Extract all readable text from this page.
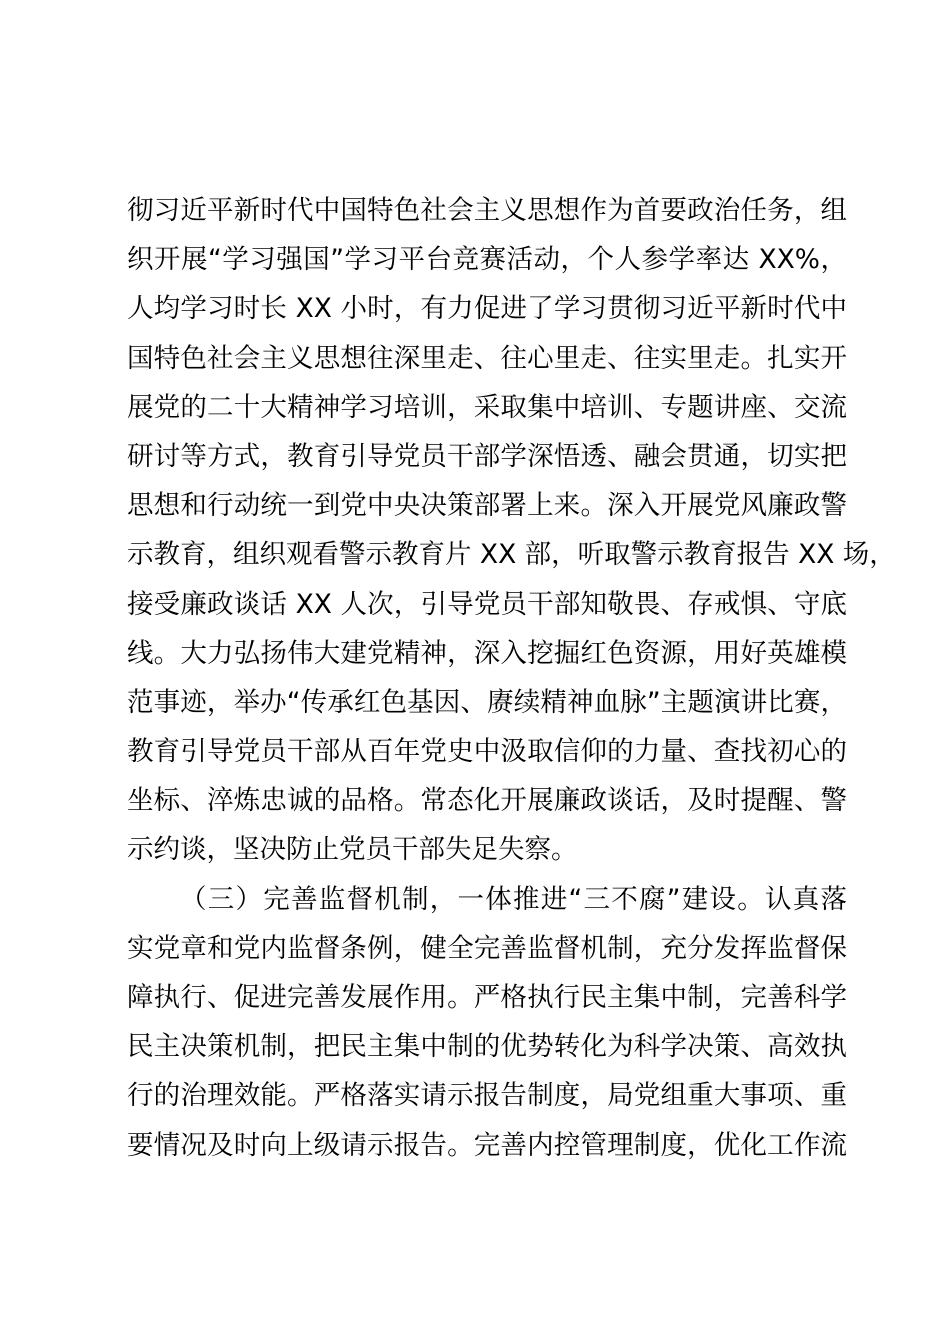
彻习近平新时代中国特色社会主义思想作为首要政治任务，组
织开展“学习强国”学习平台竞赛活动，个人参学率达 XX%，
人均学习时长 XX 小时，有力促进了学习贯彻习近平新时代中
国特色社会主义思想往深里走、往心里走、往实里走。扎实开
展党的二十大精神学习培训，采取集中培训、专题讲座、交流
研讨等方式，教育引导党员干部学深悟透、融会贯通，切实把
思想和行动统一到党中央决策部署上来。深入开展党风廉政警
示教育，组织观看警示教育片 XX 部，听取警示教育报告 XX 场，
接受廉政谈话 XX 人次，引导党员干部知敬畏、存戒惧、守底
线。大力弘扬伟大建党精神，深入挖掘红色资源，用好英雄模
范事迹，举办“传承红色基因、赓续精神血脉”主题演讲比赛，
教育引导党员干部从百年党史中汲取信仰的力量、查找初心的
坐标、淬炼忠诚的品格。常态化开展廉政谈话，及时提醒、警
示约谈，坚决防止党员干部失足失察。
（三）完善监督机制，一体推进“三不腐”建设。认真落
实党章和党内监督条例，健全完善监督机制，充分发挥监督保
障执行、促进完善发展作用。严格执行民主集中制，完善科学
民主决策机制，把民主集中制的优势转化为科学决策、高效执
行的治理效能。严格落实请示报告制度，局党组重大事项、重
要情况及时向上级请示报告。完善内控管理制度，优化工作流
